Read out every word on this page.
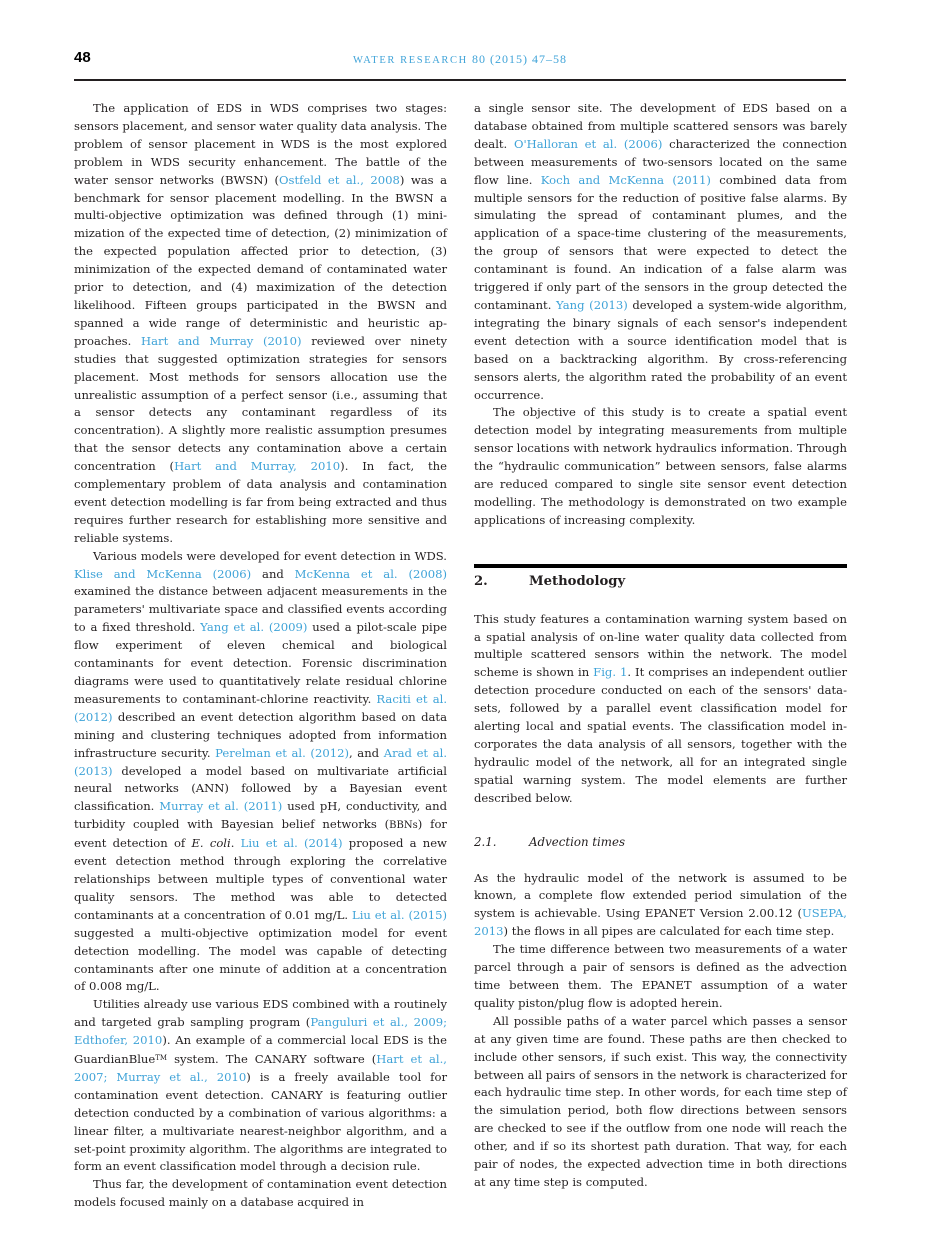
48	WATER RESEARCH 80 (2015) 47–58

The application of EDS in WDS comprises two stages: sensors placement, and sensor water quality data analysis. The problem of sensor placement in WDS is the most explored problem in WDS security enhancement. The battle of the water sensor networks (BWSN) (Ostfeld et al., 2008) was a benchmark for sensor placement modelling. In the BWSN a multi-objective optimization was defined through (1) minimization of the expected time of detection, (2) minimization of the expected population affected prior to detection, (3) minimization of the expected demand of contaminated water prior to detection, and (4) maximization of the detection likelihood. Fifteen groups participated in the BWSN and spanned a wide range of deterministic and heuristic approaches. Hart and Murray (2010) reviewed over ninety studies that suggested optimization strategies for sensors placement. Most methods for sensors allocation use the unrealistic assumption of a perfect sensor (i.e., assuming that a sensor detects any contaminant regardless of its concentration). A slightly more realistic assumption presumes that the sensor detects any contamination above a certain concentration (Hart and Murray, 2010). In fact, the complementary problem of data analysis and contamination event detection modelling is far from being extracted and thus requires further research for establishing more sensitive and reliable systems.

Various models were developed for event detection in WDS. Klise and McKenna (2006) and McKenna et al. (2008) examined the distance between adjacent measurements in the parameters' multivariate space and classified events according to a fixed threshold. Yang et al. (2009) used a pilot-scale pipe flow experiment of eleven chemical and biological contaminants for event detection. Forensic discrimination diagrams were used to quantitatively relate residual chlorine measurements to contaminant-chlorine reactivity. Raciti et al. (2012) described an event detection algorithm based on data mining and clustering techniques adopted from information infrastructure security. Perelman et al. (2012), and Arad et al. (2013) developed a model based on multivariate artificial neural networks (ANN) followed by a Bayesian event classification. Murray et al. (2011) used pH, conductivity, and turbidity coupled with Bayesian belief networks (BBNs) for event detection of E. coli. Liu et al. (2014) proposed a new event detection method through exploring the correlative relationships between multiple types of conventional water quality sensors. The method was able to detected contaminants at a concentration of 0.01 mg/L. Liu et al. (2015) suggested a multi-objective optimization model for event detection modelling. The model was capable of detecting contaminants after one minute of addition at a concentration of 0.008 mg/L.

Utilities already use various EDS combined with a routinely and targeted grab sampling program (Panguluri et al., 2009; Edthofer, 2010). An example of a commercial local EDS is the GuardianBlue™ system. The CANARY software (Hart et al., 2007; Murray et al., 2010) is a freely available tool for contamination event detection. CANARY is featuring outlier detection conducted by a combination of various algorithms: a linear filter, a multivariate nearest-neighbor algorithm, and a set-point proximity algorithm. The algorithms are integrated to form an event classification model through a decision rule.

Thus far, the development of contamination event detection models focused mainly on a database acquired in

a single sensor site. The development of EDS based on a database obtained from multiple scattered sensors was barely dealt. O'Halloran et al. (2006) characterized the connection between measurements of two-sensors located on the same flow line. Koch and McKenna (2011) combined data from multiple sensors for the reduction of positive false alarms. By simulating the spread of contaminant plumes, and the application of a space-time clustering of the measurements, the group of sensors that were expected to detect the contaminant is found. An indication of a false alarm was triggered if only part of the sensors in the group detected the contaminant. Yang (2013) developed a system-wide algorithm, integrating the binary signals of each sensor's independent event detection with a source identification model that is based on a backtracking algorithm. By cross-referencing sensors alerts, the algorithm rated the probability of an event occurrence.

The objective of this study is to create a spatial event detection model by integrating measurements from multiple sensor locations with network hydraulics information. Through the “hydraulic communication” between sensors, false alarms are reduced compared to single site sensor event detection modelling. The methodology is demonstrated on two example applications of increasing complexity.

2.	Methodology

This study features a contamination warning system based on a spatial analysis of on-line water quality data collected from multiple scattered sensors within the network. The model scheme is shown in Fig. 1. It comprises an independent outlier detection procedure conducted on each of the sensors' datasets, followed by a parallel event classification model for alerting local and spatial events. The classification model incorporates the data analysis of all sensors, together with the hydraulic model of the network, all for an integrated single spatial warning system. The model elements are further described below.

2.1.	Advection times

As the hydraulic model of the network is assumed to be known, a complete flow extended period simulation of the system is achievable. Using EPANET Version 2.00.12 (USEPA, 2013) the flows in all pipes are calculated for each time step.

The time difference between two measurements of a water parcel through a pair of sensors is defined as the advection time between them. The EPANET assumption of a water quality piston/plug flow is adopted herein.

All possible paths of a water parcel which passes a sensor at any given time are found. These paths are then checked to include other sensors, if such exist. This way, the connectivity between all pairs of sensors in the network is characterized for each hydraulic time step. In other words, for each time step of the simulation period, both flow directions between sensors are checked to see if the outflow from one node will reach the other, and if so its shortest path duration. That way, for each pair of nodes, the expected advection time in both directions at any time step is computed.
